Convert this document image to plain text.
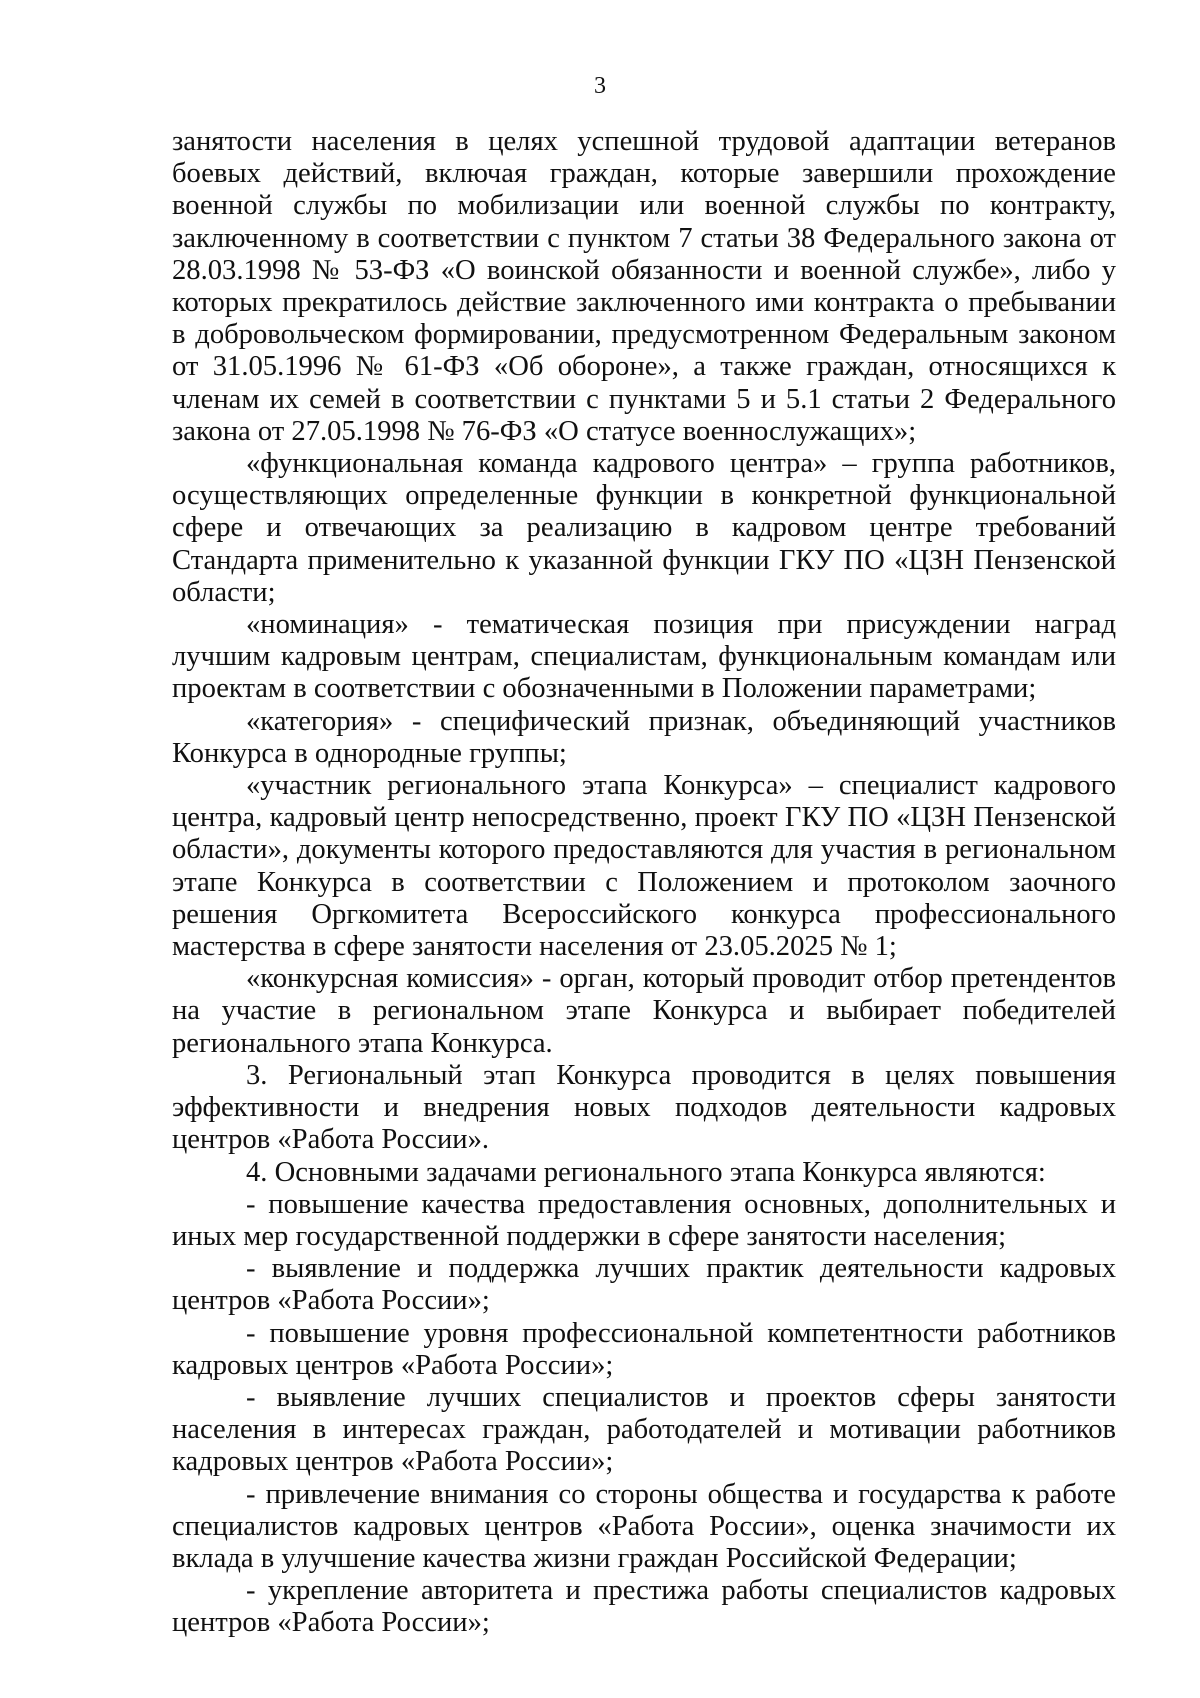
3

занятости населения в целях успешной трудовой адаптации ветеранов боевых действий, включая граждан, которые завершили прохождение военной службы по мобилизации или военной службы по контракту, заключенному в соответствии с пунктом 7 статьи 38 Федерального закона от 28.03.1998 № 53-ФЗ «О воинской обязанности и военной службе», либо у которых прекратилось действие заключенного ими контракта о пребывании в добровольческом формировании, предусмотренном Федеральным законом от 31.05.1996 № 61-ФЗ «Об обороне», а также граждан, относящихся к членам их семей в соответствии с пунктами 5 и 5.1 статьи 2 Федерального закона от 27.05.1998 № 76-ФЗ «О статусе военнослужащих»;

«функциональная команда кадрового центра» – группа работников, осуществляющих определенные функции в конкретной функциональной сфере и отвечающих за реализацию в кадровом центре требований Стандарта применительно к указанной функции ГКУ ПО «ЦЗН Пензенской области;

«номинация» - тематическая позиция при присуждении наград лучшим кадровым центрам, специалистам, функциональным командам или проектам в соответствии с обозначенными в Положении параметрами;

«категория» - специфический признак, объединяющий участников Конкурса в однородные группы;

«участник регионального этапа Конкурса» – специалист кадрового центра, кадровый центр непосредственно, проект ГКУ ПО «ЦЗН Пензенской области», документы которого предоставляются для участия в региональном этапе Конкурса в соответствии с Положением и протоколом заочного решения Оргкомитета Всероссийского конкурса профессионального мастерства в сфере занятости населения от 23.05.2025 № 1;

«конкурсная комиссия» - орган, который проводит отбор претендентов на участие в региональном этапе Конкурса и выбирает победителей регионального этапа Конкурса.

3. Региональный этап Конкурса проводится в целях повышения эффективности и внедрения новых подходов деятельности кадровых центров «Работа России».

4. Основными задачами регионального этапа Конкурса являются:

- повышение качества предоставления основных, дополнительных и иных мер государственной поддержки в сфере занятости населения;

- выявление и поддержка лучших практик деятельности кадровых центров «Работа России»;

- повышение уровня профессиональной компетентности работников кадровых центров «Работа России»;

- выявление лучших специалистов и проектов сферы занятости населения в интересах граждан, работодателей и мотивации работников кадровых центров «Работа России»;

- привлечение внимания со стороны общества и государства к работе специалистов кадровых центров «Работа России», оценка значимости их вклада в улучшение качества жизни граждан Российской Федерации;

- укрепление авторитета и престижа работы специалистов кадровых центров «Работа России»;
